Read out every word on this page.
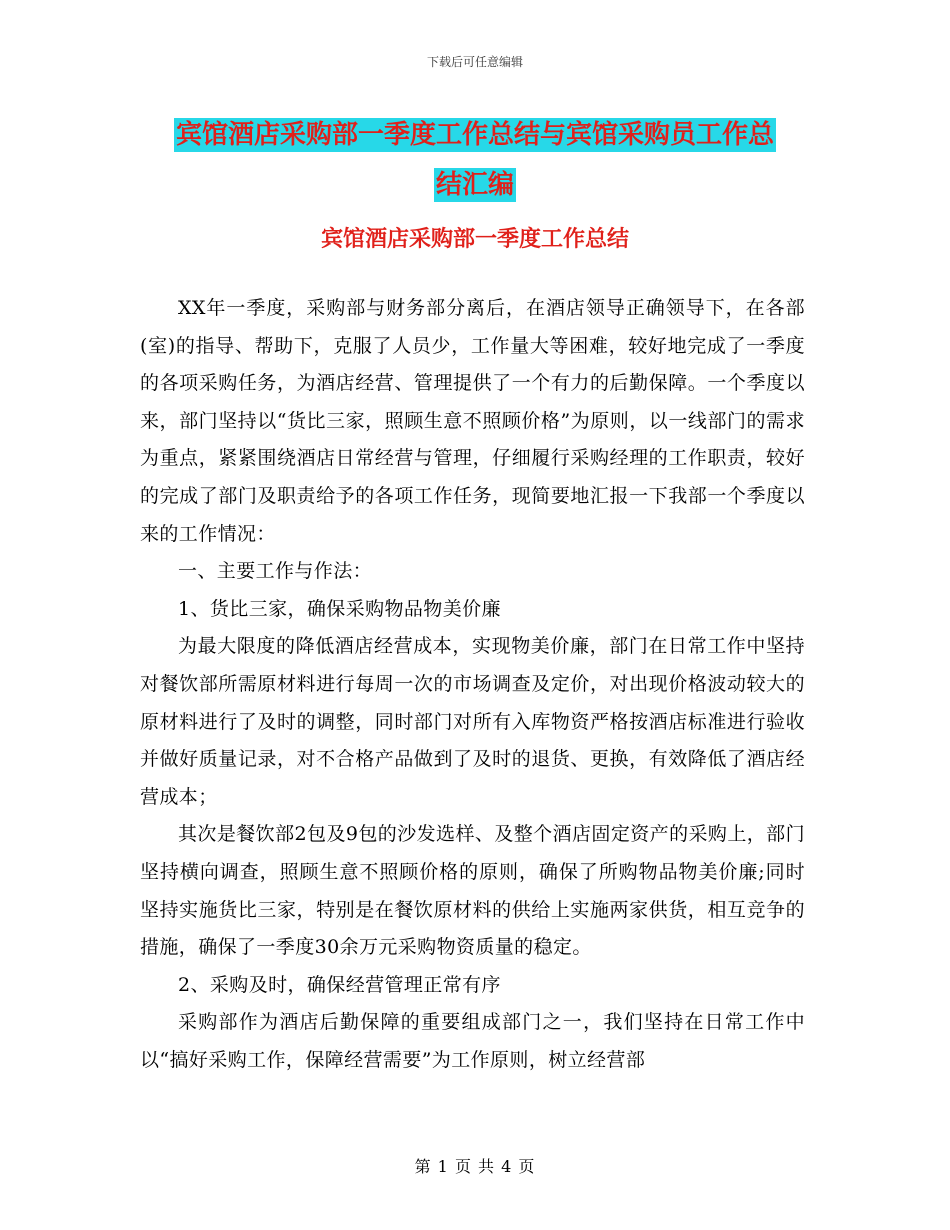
下载后可任意编辑
宾馆酒店采购部一季度工作总结与宾馆采购员工作总
结汇编
宾馆酒店采购部一季度工作总结

XX年一季度，采购部与财务部分离后，在酒店领导正确领导下，在各部(室)的指导、帮助下，克服了人员少，工作量大等困难，较好地完成了一季度的各项采购任务，为酒店经营、管理提供了一个有力的后勤保障。一个季度以来，部门坚持以“货比三家，照顾生意不照顾价格”为原则，以一线部门的需求为重点，紧紧围绕酒店日常经营与管理，仔细履行采购经理的工作职责，较好的完成了部门及职责给予的各项工作任务，现简要地汇报一下我部一个季度以来的工作情况：

一、主要工作与作法：

1、货比三家，确保采购物品物美价廉

为最大限度的降低酒店经营成本，实现物美价廉，部门在日常工作中坚持对餐饮部所需原材料进行每周一次的市场调查及定价，对出现价格波动较大的原材料进行了及时的调整，同时部门对所有入库物资严格按酒店标准进行验收并做好质量记录，对不合格产品做到了及时的退货、更换，有效降低了酒店经营成本；

其次是餐饮部2包及9包的沙发选样、及整个酒店固定资产的采购上，部门坚持横向调查，照顾生意不照顾价格的原则，确保了所购物品物美价廉;同时坚持实施货比三家，特别是在餐饮原材料的供给上实施两家供货，相互竞争的措施，确保了一季度30余万元采购物资质量的稳定。

2、采购及时，确保经营管理正常有序

采购部作为酒店后勤保障的重要组成部门之一，我们坚持在日常工作中以“搞好采购工作，保障经营需要”为工作原则，树立经营部

第 1 页 共 4 页
